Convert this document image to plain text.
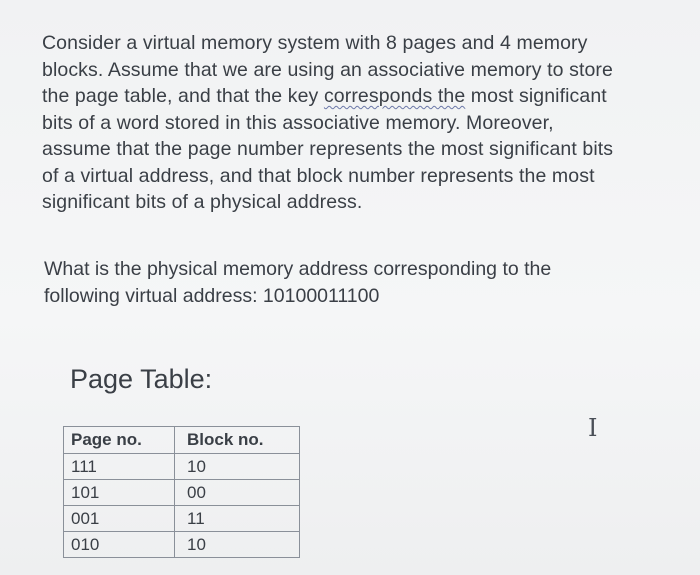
Consider a virtual memory system with 8 pages and 4 memory

blocks. Assume that we are using an associative memory to store

the page table, and that the key corresponds the most significant

bits of a word stored in this associative memory. Moreover,

assume that the page number represents the most significant bits

of a virtual address, and that block number represents the most

significant bits of a physical address.

What is the physical memory address corresponding to the
following virtual address: 10100011100
Page Table:
Page no.	Block no.
111	10
101	00
001	11
010	10
I
